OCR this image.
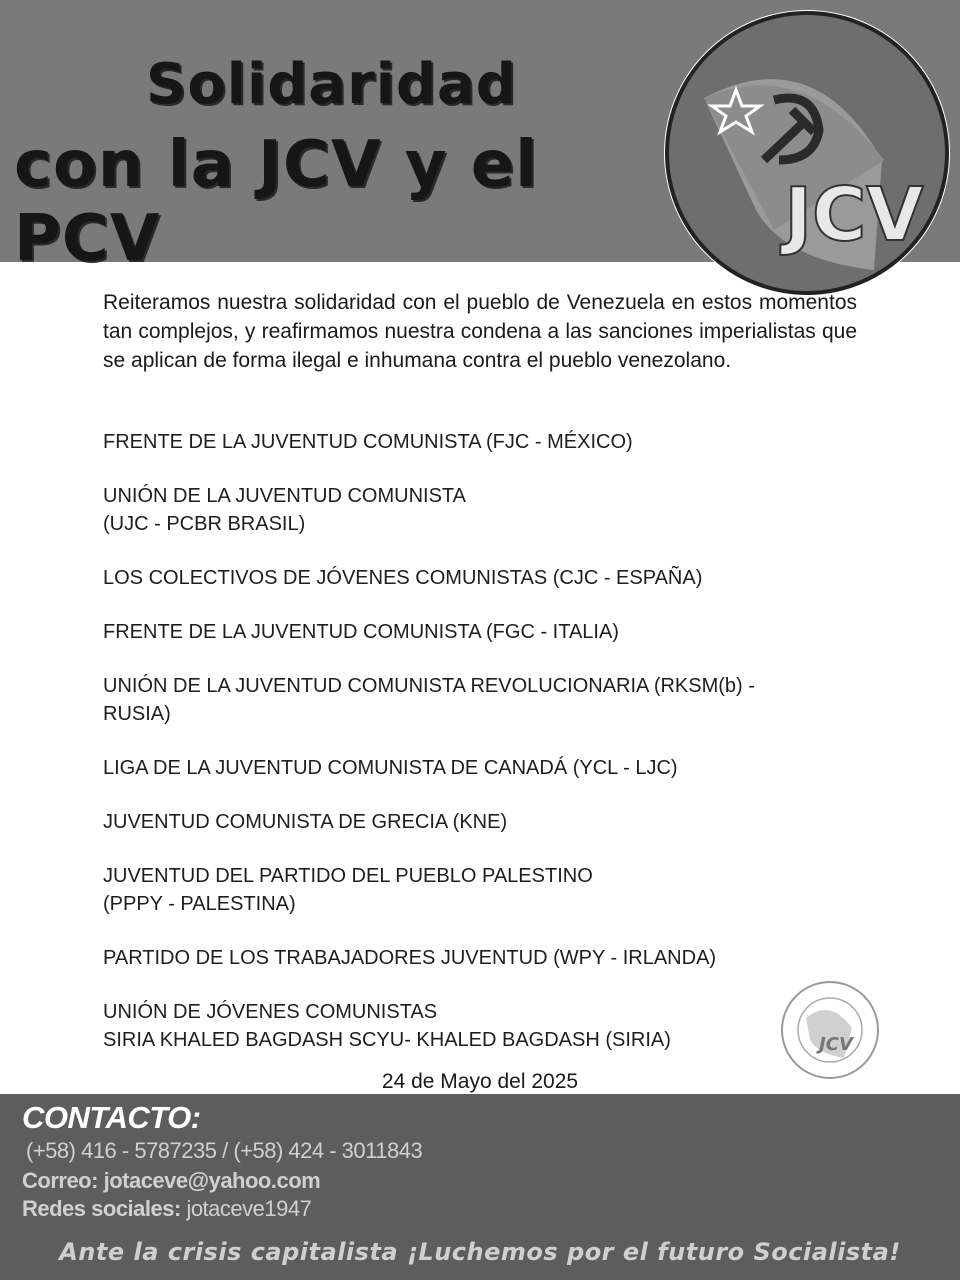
Solidaridad
con la JCV y el PCV	JCV

Reiteramos nuestra solidaridad con el pueblo de Venezuela en estos momentos tan complejos, y reafirmamos nuestra condena a las sanciones imperialistas que se aplican de forma ilegal e inhumana contra el pueblo venezolano.

FRENTE DE LA JUVENTUD COMUNISTA (FJC - MÉXICO)
UNIÓN DE LA JUVENTUD COMUNISTA
(UJC - PCBR BRASIL)
LOS COLECTIVOS DE JÓVENES COMUNISTAS (CJC - ESPAÑA)
FRENTE DE LA JUVENTUD COMUNISTA (FGC - ITALIA)
UNIÓN DE LA JUVENTUD COMUNISTA REVOLUCIONARIA (RKSM(b) -
RUSIA)
LIGA DE LA JUVENTUD COMUNISTA DE CANADÁ (YCL - LJC)
JUVENTUD COMUNISTA DE GRECIA (KNE)
JUVENTUD DEL PARTIDO DEL PUEBLO PALESTINO
(PPPY - PALESTINA)
PARTIDO DE LOS TRABAJADORES JUVENTUD (WPY - IRLANDA)
UNIÓN DE JÓVENES COMUNISTAS
SIRIA KHALED BAGDASH SCYU- KHALED BAGDASH (SIRIA)	JCV
24 de Mayo del 2025
CONTACTO:
(+58) 416 - 5787235 / (+58) 424 - 3011843
Correo: jotaceve@yahoo.com
Redes sociales: jotaceve1947
Ante la crisis capitalista ¡Luchemos por el futuro Socialista!
